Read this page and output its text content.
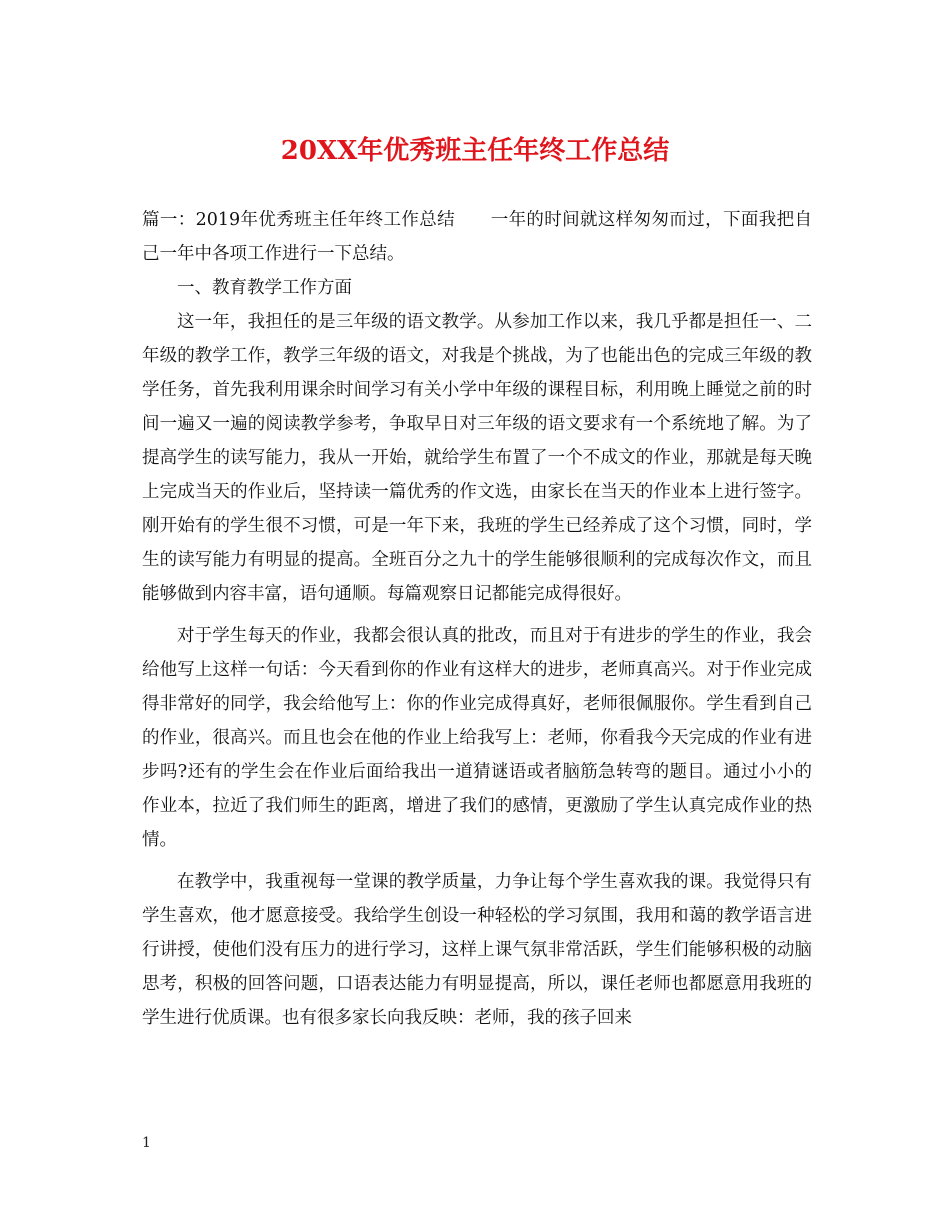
20XX年优秀班主任年终工作总结

篇一：2019年优秀班主任年终工作总结　　一年的时间就这样匆匆而过，下面我把自己一年中各项工作进行一下总结。

一、教育教学工作方面

这一年，我担任的是三年级的语文教学。从参加工作以来，我几乎都是担任一、二年级的教学工作，教学三年级的语文，对我是个挑战，为了也能出色的完成三年级的教学任务，首先我利用课余时间学习有关小学中年级的课程目标，利用晚上睡觉之前的时间一遍又一遍的阅读教学参考，争取早日对三年级的语文要求有一个系统地了解。为了提高学生的读写能力，我从一开始，就给学生布置了一个不成文的作业，那就是每天晚上完成当天的作业后，坚持读一篇优秀的作文选，由家长在当天的作业本上进行签字。刚开始有的学生很不习惯，可是一年下来，我班的学生已经养成了这个习惯，同时，学生的读写能力有明显的提高。全班百分之九十的学生能够很顺利的完成每次作文，而且能够做到内容丰富，语句通顺。每篇观察日记都能完成得很好。

对于学生每天的作业，我都会很认真的批改，而且对于有进步的学生的作业，我会给他写上这样一句话：今天看到你的作业有这样大的进步，老师真高兴。对于作业完成得非常好的同学，我会给他写上：你的作业完成得真好，老师很佩服你。学生看到自己的作业，很高兴。而且也会在他的作业上给我写上：老师，你看我今天完成的作业有进步吗?还有的学生会在作业后面给我出一道猜谜语或者脑筋急转弯的题目。通过小小的作业本，拉近了我们师生的距离，增进了我们的感情，更激励了学生认真完成作业的热情。

在教学中，我重视每一堂课的教学质量，力争让每个学生喜欢我的课。我觉得只有学生喜欢，他才愿意接受。我给学生创设一种轻松的学习氛围，我用和蔼的教学语言进行讲授，使他们没有压力的进行学习，这样上课气氛非常活跃，学生们能够积极的动脑思考，积极的回答问题，口语表达能力有明显提高，所以，课任老师也都愿意用我班的学生进行优质课。也有很多家长向我反映：老师，我的孩子回来

1
